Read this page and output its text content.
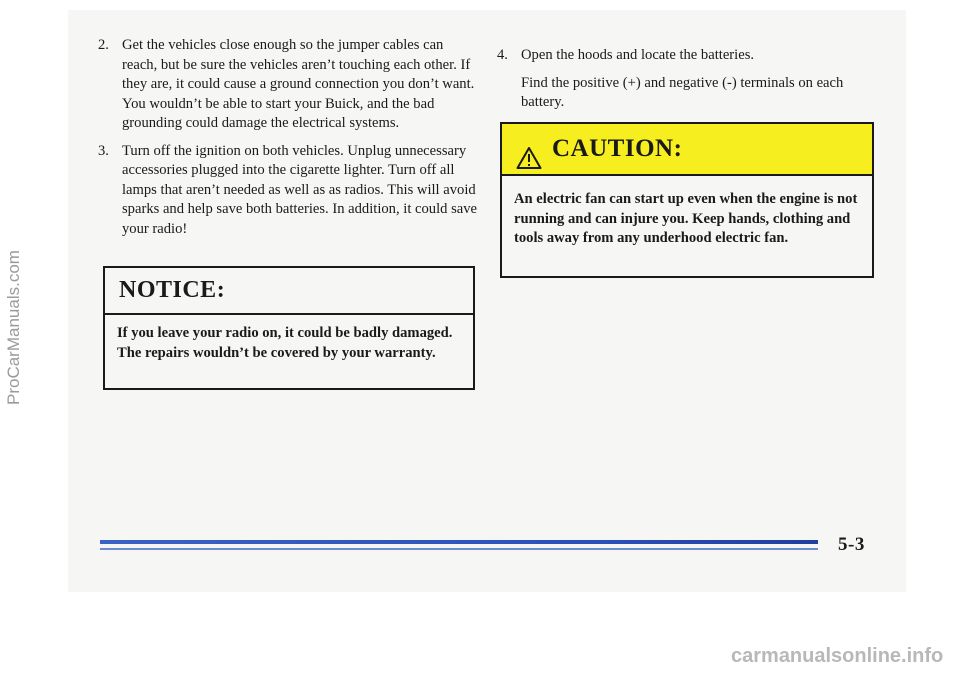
2. Get the vehicles close enough so the jumper cables can reach, but be sure the vehicles aren’t touching each other. If they are, it could cause a ground connection you don’t want. You wouldn’t be able to start your Buick, and the bad grounding could damage the electrical systems.
3. Turn off the ignition on both vehicles. Unplug unnecessary accessories plugged into the cigarette lighter. Turn off all lamps that aren’t needed as well as as radios. This will avoid sparks and help save both batteries. In addition, it could save your radio!
NOTICE:
If you leave your radio on, it could be badly damaged. The repairs wouldn’t be covered by your warranty.
4. Open the hoods and locate the batteries.
Find the positive (+) and negative (-) terminals on each battery.
CAUTION:
An electric fan can start up even when the engine is not running and can injure you. Keep hands, clothing and tools away from any underhood electric fan.
5-3
ProCarManuals.com
carmanualsonline.info
